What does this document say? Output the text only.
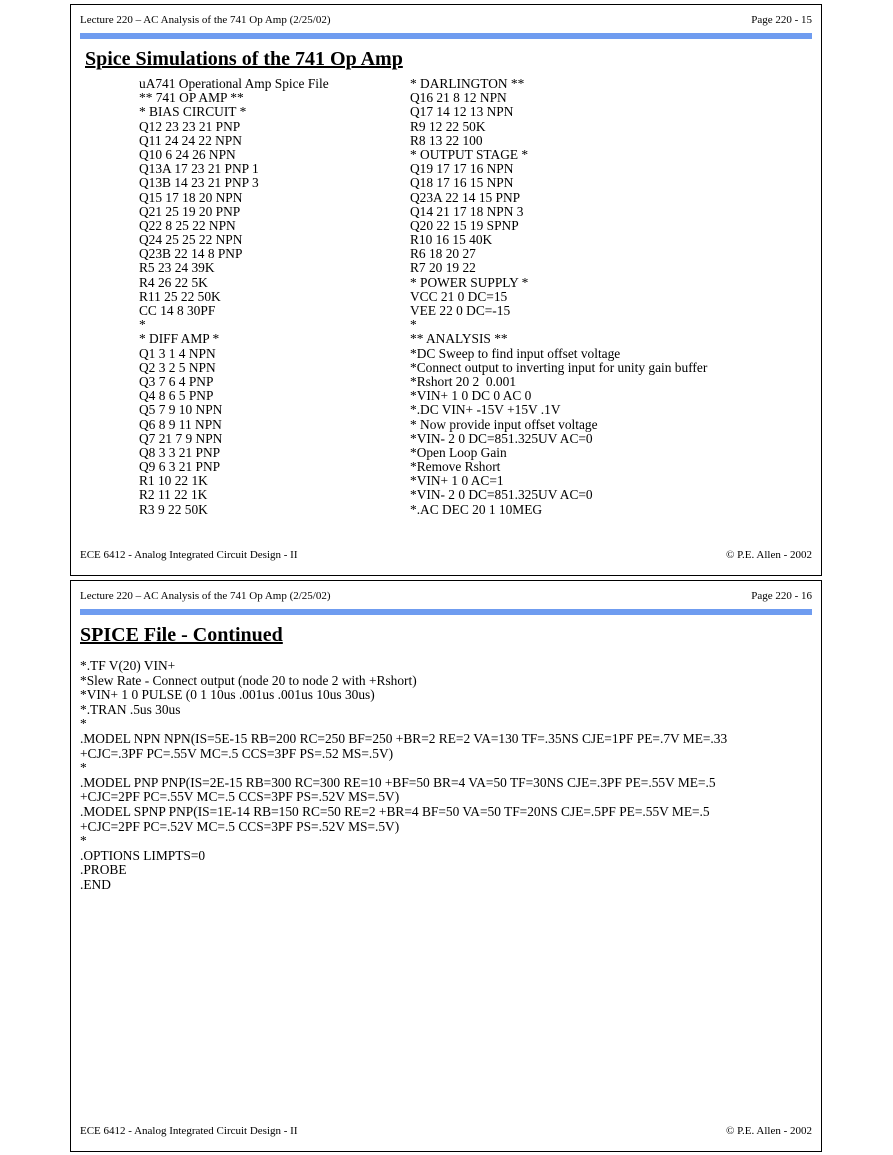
Lecture 220 – AC Analysis of the 741 Op Amp (2/25/02)	Page 220 - 15
Spice Simulations of the 741 Op Amp
uA741 Operational Amp Spice File
** 741 OP AMP **
* BIAS CIRCUIT *
Q12 23 23 21 PNP
Q11 24 24 22 NPN
Q10 6 24 26 NPN
Q13A 17 23 21 PNP 1
Q13B 14 23 21 PNP 3
Q15 17 18 20 NPN
Q21 25 19 20 PNP
Q22 8 25 22 NPN
Q24 25 25 22 NPN
Q23B 22 14 8 PNP
R5 23 24 39K
R4 26 22 5K
R11 25 22 50K
CC 14 8 30PF
*
* DIFF AMP *
Q1 3 1 4 NPN
Q2 3 2 5 NPN
Q3 7 6 4 PNP
Q4 8 6 5 PNP
Q5 7 9 10 NPN
Q6 8 9 11 NPN
Q7 21 7 9 NPN
Q8 3 3 21 PNP
Q9 6 3 21 PNP
R1 10 22 1K
R2 11 22 1K
R3 9 22 50K
* DARLINGTON **
Q16 21 8 12 NPN
Q17 14 12 13 NPN
R9 12 22 50K
R8 13 22 100
* OUTPUT STAGE *
Q19 17 17 16 NPN
Q18 17 16 15 NPN
Q23A 22 14 15 PNP
Q14 21 17 18 NPN 3
Q20 22 15 19 SPNP
R10 16 15 40K
R6 18 20 27
R7 20 19 22
* POWER SUPPLY *
VCC 21 0 DC=15
VEE 22 0 DC=-15
*
** ANALYSIS **
*DC Sweep to find input offset voltage
*Connect output to inverting input for unity gain buffer
*Rshort 20 2  0.001
*VIN+ 1 0 DC 0 AC 0
*.DC VIN+ -15V +15V .1V
* Now provide input offset voltage
*VIN- 2 0 DC=851.325UV AC=0
*Open Loop Gain
*Remove Rshort
*VIN+ 1 0 AC=1
*VIN- 2 0 DC=851.325UV AC=0
*.AC DEC 20 1 10MEG
ECE 6412 - Analog Integrated Circuit Design - II	© P.E. Allen - 2002
Lecture 220 – AC Analysis of the 741 Op Amp (2/25/02)	Page 220 - 16
SPICE File - Continued
*.TF V(20) VIN+
*Slew Rate - Connect output (node 20 to node 2 with +Rshort)
*VIN+ 1 0 PULSE (0 1 10us .001us .001us 10us 30us)
*.TRAN .5us 30us
*
.MODEL NPN NPN(IS=5E-15 RB=200 RC=250 BF=250 +BR=2 RE=2 VA=130 TF=.35NS CJE=1PF PE=.7V ME=.33
+CJC=.3PF PC=.55V MC=.5 CCS=3PF PS=.52 MS=.5V)
*
.MODEL PNP PNP(IS=2E-15 RB=300 RC=300 RE=10 +BF=50 BR=4 VA=50 TF=30NS CJE=.3PF PE=.55V ME=.5
+CJC=2PF PC=.55V MC=.5 CCS=3PF PS=.52V MS=.5V)
.MODEL SPNP PNP(IS=1E-14 RB=150 RC=50 RE=2 +BR=4 BF=50 VA=50 TF=20NS CJE=.5PF PE=.55V ME=.5
+CJC=2PF PC=.52V MC=.5 CCS=3PF PS=.52V MS=.5V)
*
.OPTIONS LIMPTS=0
.PROBE
.END
ECE 6412 - Analog Integrated Circuit Design - II	© P.E. Allen - 2002
